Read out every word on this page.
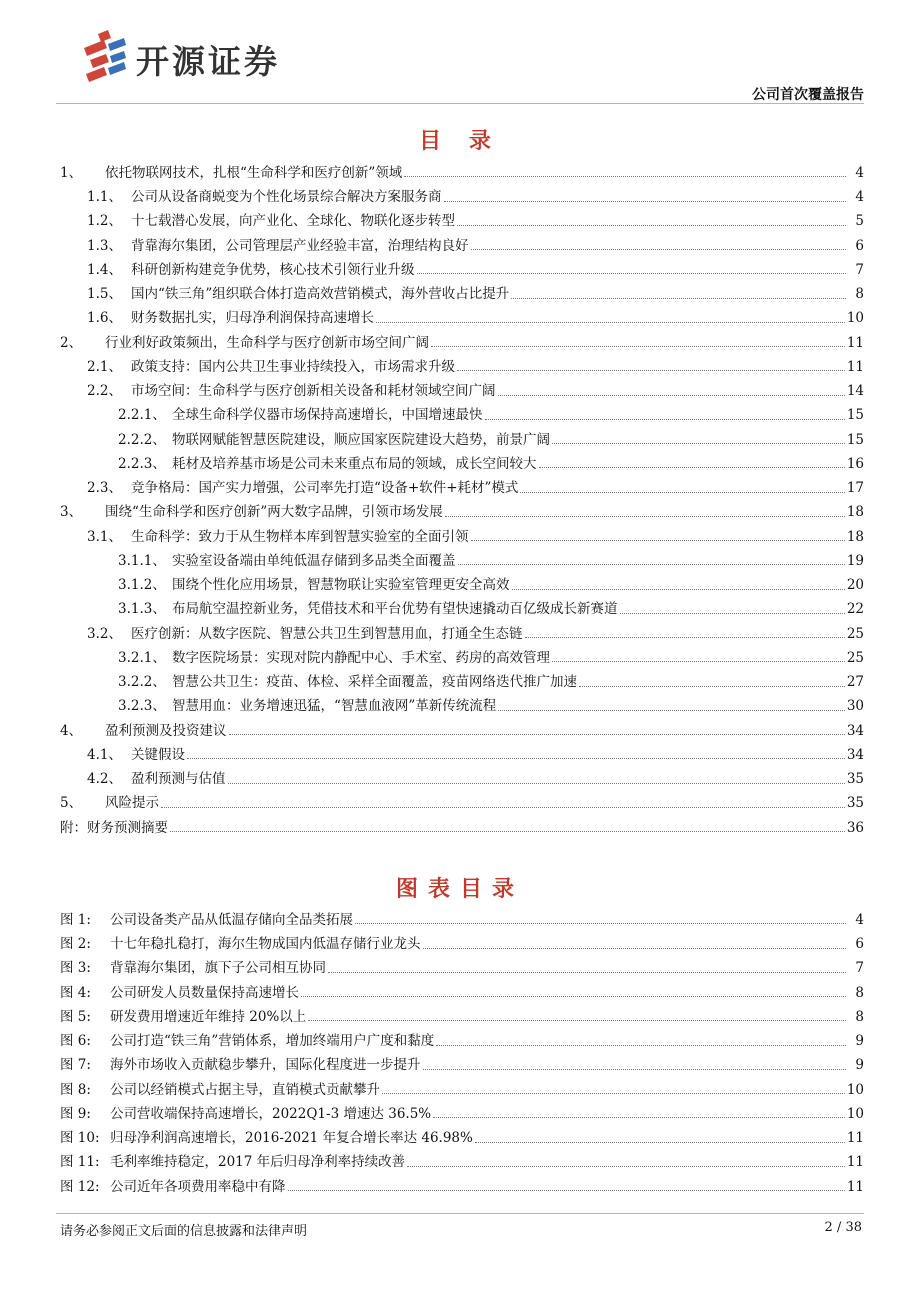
开源证券
公司首次覆盖报告
目 录
1、	依托物联网技术，扎根“生命科学和医疗创新”领域	4
1.1、 公司从设备商蜕变为个性化场景综合解决方案服务商	4
1.2、 十七载潜心发展，向产业化、全球化、物联化逐步转型	5
1.3、 背靠海尔集团，公司管理层产业经验丰富，治理结构良好	6
1.4、 科研创新构建竞争优势，核心技术引领行业升级	7
1.5、 国内“铁三角”组织联合体打造高效营销模式，海外营收占比提升	8
1.6、 财务数据扎实，归母净利润保持高速增长	10
2、	行业利好政策频出，生命科学与医疗创新市场空间广阔	11
2.1、 政策支持：国内公共卫生事业持续投入，市场需求升级	11
2.2、 市场空间：生命科学与医疗创新相关设备和耗材领域空间广阔	14
2.2.1、 全球生命科学仪器市场保持高速增长，中国增速最快	15
2.2.2、 物联网赋能智慧医院建设，顺应国家医院建设大趋势，前景广阔	15
2.2.3、 耗材及培养基市场是公司未来重点布局的领域，成长空间较大	16
2.3、 竞争格局：国产实力增强，公司率先打造“设备+软件+耗材”模式	17
3、	围绕“生命科学和医疗创新”两大数字品牌，引领市场发展	18
3.1、 生命科学：致力于从生物样本库到智慧实验室的全面引领	18
3.1.1、 实验室设备端由单纯低温存储到多品类全面覆盖	19
3.1.2、 围绕个性化应用场景，智慧物联让实验室管理更安全高效	20
3.1.3、 布局航空温控新业务，凭借技术和平台优势有望快速撬动百亿级成长新赛道	22
3.2、 医疗创新：从数字医院、智慧公共卫生到智慧用血，打通全生态链	25
3.2.1、 数字医院场景：实现对院内静配中心、手术室、药房的高效管理	25
3.2.2、 智慧公共卫生：疫苗、体检、采样全面覆盖，疫苗网络迭代推广加速	27
3.2.3、 智慧用血：业务增速迅猛，“智慧血液网”革新传统流程	30
4、	盈利预测及投资建议	34
4.1、 关键假设	34
4.2、 盈利预测与估值	35
5、	风险提示	35
附：财务预测摘要	36
图表目录
图 1:	公司设备类产品从低温存储向全品类拓展	4
图 2:	十七年稳扎稳打，海尔生物成国内低温存储行业龙头	6
图 3:	背靠海尔集团，旗下子公司相互协同	7
图 4:	公司研发人员数量保持高速增长	8
图 5:	研发费用增速近年维持 20%以上	8
图 6:	公司打造“铁三角”营销体系，增加终端用户广度和黏度	9
图 7:	海外市场收入贡献稳步攀升，国际化程度进一步提升	9
图 8:	公司以经销模式占据主导，直销模式贡献攀升	10
图 9:	公司营收端保持高速增长，2022Q1-3 增速达 36.5%	10
图 10: 归母净利润高速增长，2016-2021 年复合增长率达 46.98%	11
图 11: 毛利率维持稳定，2017 年后归母净利率持续改善	11
图 12: 公司近年各项费用率稳中有降	11
请务必参阅正文后面的信息披露和法律声明	2 / 38
